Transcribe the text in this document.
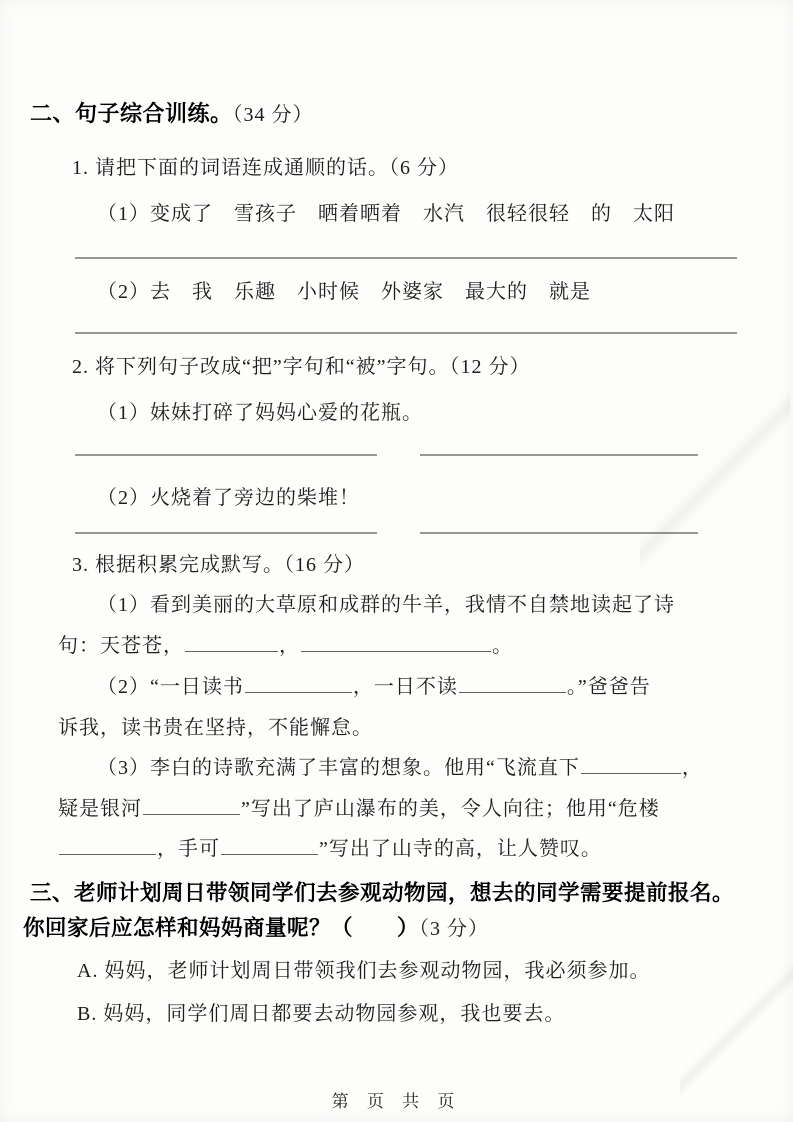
二、句子综合训练。（34 分）
1. 请把下面的词语连成通顺的话。（6 分）
（1）变成了　雪孩子　晒着晒着　水汽　很轻很轻　的　太阳
（2）去　我　乐趣　小时候　外婆家　最大的　就是
2. 将下列句子改成“把”字句和“被”字句。（12 分）
（1）妹妹打碎了妈妈心爱的花瓶。
（2）火烧着了旁边的柴堆！
3. 根据积累完成默写。（16 分）
（1）看到美丽的大草原和成群的牛羊，我情不自禁地读起了诗
句：天苍苍，	，	。
（2）“一日读书	，一日不读	。”爸爸告
诉我，读书贵在坚持，不能懈怠。
（3）李白的诗歌充满了丰富的想象。他用“飞流直下	，
疑是银河	”写出了庐山瀑布的美，令人向往；他用“危楼
，手可	”写出了山寺的高，让人赞叹。
三、老师计划周日带领同学们去参观动物园，想去的同学需要提前报名。
你回家后应怎样和妈妈商量呢？（　　）（3 分）
A. 妈妈，老师计划周日带领我们去参观动物园，我必须参加。
B. 妈妈，同学们周日都要去动物园参观，我也要去。
第 页 共 页
